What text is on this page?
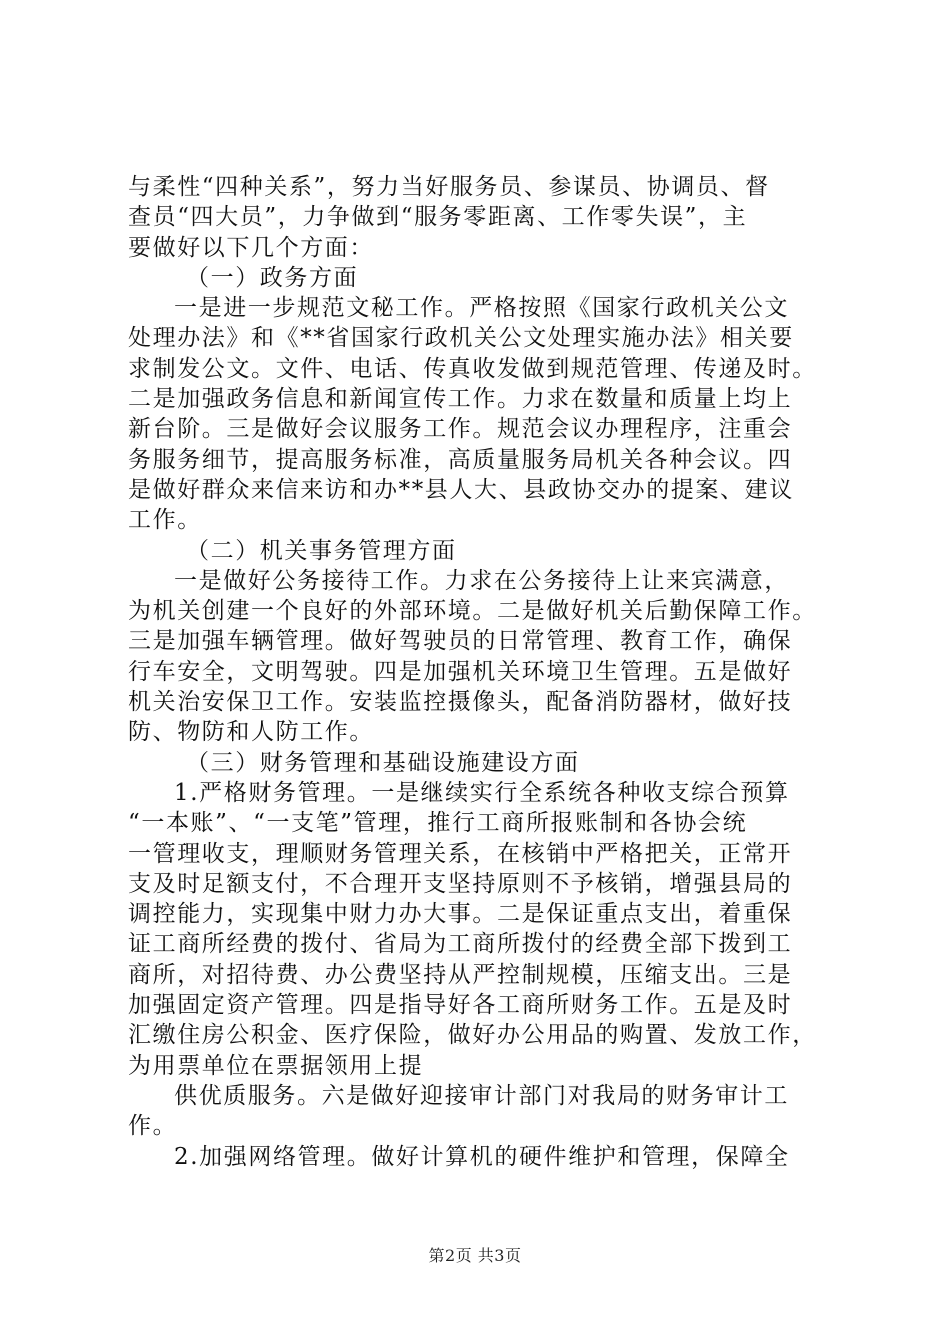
与柔性“四种关系”，努力当好服务员、参谋员、协调员、督
查员“四大员”，力争做到“服务零距离、工作零失误”，主
要做好以下几个方面：
（一）政务方面
一是进一步规范文秘工作。严格按照《国家行政机关公文
处理办法》和《**省国家行政机关公文处理实施办法》相关要
求制发公文。文件、电话、传真收发做到规范管理、传递及时。
二是加强政务信息和新闻宣传工作。力求在数量和质量上均上
新台阶。三是做好会议服务工作。规范会议办理程序，注重会
务服务细节，提高服务标准，高质量服务局机关各种会议。四
是做好群众来信来访和办**县人大、县政协交办的提案、建议
工作。
（二）机关事务管理方面
一是做好公务接待工作。力求在公务接待上让来宾满意，
为机关创建一个良好的外部环境。二是做好机关后勤保障工作。
三是加强车辆管理。做好驾驶员的日常管理、教育工作，确保
行车安全，文明驾驶。四是加强机关环境卫生管理。五是做好
机关治安保卫工作。安装监控摄像头，配备消防器材，做好技
防、物防和人防工作。
（三）财务管理和基础设施建设方面
1.严格财务管理。一是继续实行全系统各种收支综合预算
“一本账”、“一支笔”管理，推行工商所报账制和各协会统
一管理收支，理顺财务管理关系，在核销中严格把关，正常开
支及时足额支付，不合理开支坚持原则不予核销，增强县局的
调控能力，实现集中财力办大事。二是保证重点支出，着重保
证工商所经费的拨付、省局为工商所拨付的经费全部下拨到工
商所，对招待费、办公费坚持从严控制规模，压缩支出。三是
加强固定资产管理。四是指导好各工商所财务工作。五是及时
汇缴住房公积金、医疗保险，做好办公用品的购置、发放工作，
为用票单位在票据领用上提
供优质服务。六是做好迎接审计部门对我局的财务审计工
作。
2.加强网络管理。做好计算机的硬件维护和管理，保障全
第2页 共3页
